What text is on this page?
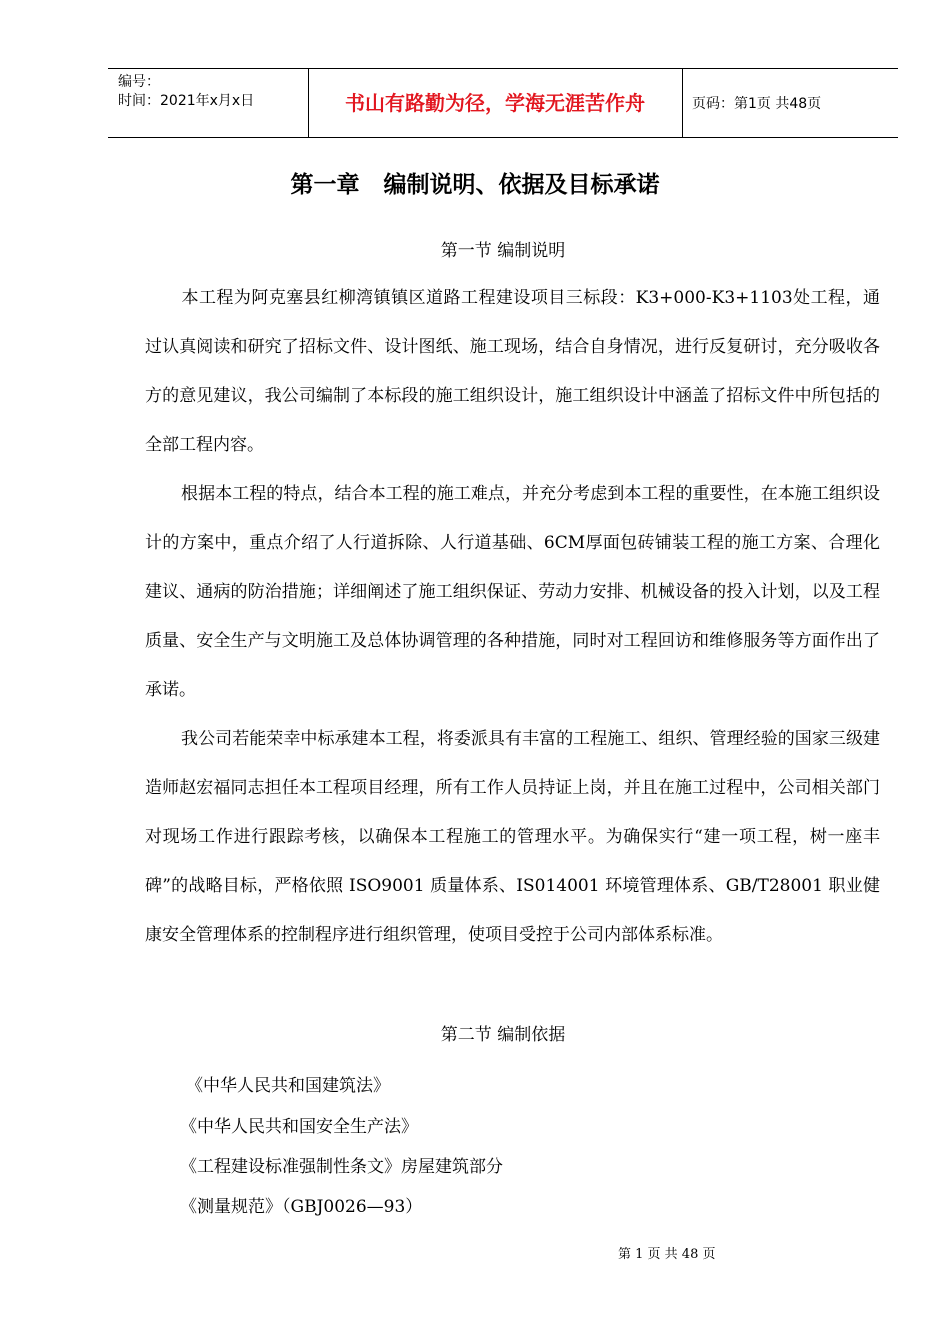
编号：
时间：2021年x月x日	书山有路勤为径，学海无涯苦作舟	页码：第1页 共48页
第一章   编制说明、依据及目标承诺
第一节 编制说明
本工程为阿克塞县红柳湾镇镇区道路工程建设项目三标段：K3+000-K3+1103处工程，通过认真阅读和研究了招标文件、设计图纸、施工现场，结合自身情况，进行反复研讨，充分吸收各方的意见建议，我公司编制了本标段的施工组织设计，施工组织设计中涵盖了招标文件中所包括的全部工程内容。
根据本工程的特点，结合本工程的施工难点，并充分考虑到本工程的重要性，在本施工组织设计的方案中，重点介绍了人行道拆除、人行道基础、6CM厚面包砖铺装工程的施工方案、合理化建议、通病的防治措施；详细阐述了施工组织保证、劳动力安排、机械设备的投入计划，以及工程质量、安全生产与文明施工及总体协调管理的各种措施，同时对工程回访和维修服务等方面作出了承诺。
我公司若能荣幸中标承建本工程，将委派具有丰富的工程施工、组织、管理经验的国家三级建造师赵宏福同志担任本工程项目经理，所有工作人员持证上岗，并且在施工过程中，公司相关部门对现场工作进行跟踪考核，以确保本工程施工的管理水平。为确保实行“建一项工程，树一座丰碑”的战略目标，严格依照 ISO9001 质量体系、IS014001 环境管理体系、GB/T28001 职业健康安全管理体系的控制程序进行组织管理，使项目受控于公司内部体系标准。
第二节 编制依据
《中华人民共和国建筑法》
《中华人民共和国安全生产法》
《工程建设标准强制性条文》房屋建筑部分
《测量规范》（GBJ0026—93）
第 1 页 共 48 页
